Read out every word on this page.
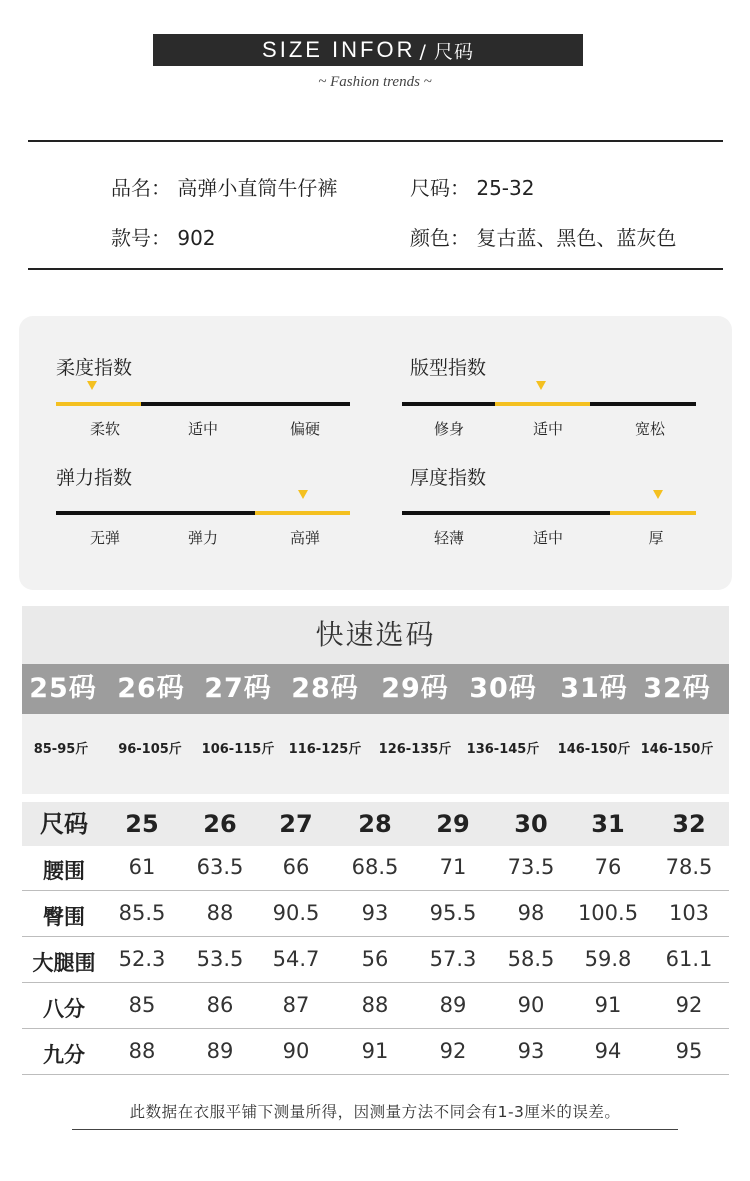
SIZE INFOR / 尺码
~ Fashion trends ~
品名： 高弹小直筒牛仔裤	尺码： 25-32
款号： 902	颜色： 复古蓝、黑色、蓝灰色
柔度指数
柔软	适中	偏硬
版型指数
修身	适中	宽松
弹力指数
无弹	弹力	高弹
厚度指数
轻薄	适中	厚
快速选码
25码 26码 27码 28码 29码 30码 31码 32码
85-95斤	96-105斤	106-115斤	116-125斤	126-135斤	136-145斤	146-150斤 146-150斤
尺码	25	26	27	28	29	30	31	32
腰围	61	63.5	66	68.5	71	73.5	76	78.5
臀围	85.5	88	90.5	93	95.5	98	100.5	103
大腿围	52.3	53.5	54.7	56	57.3	58.5	59.8	61.1
八分	85	86	87	88	89	90	91	92
九分	88	89	90	91	92	93	94	95
此数据在衣服平铺下测量所得，因测量方法不同会有1-3厘米的误差。
